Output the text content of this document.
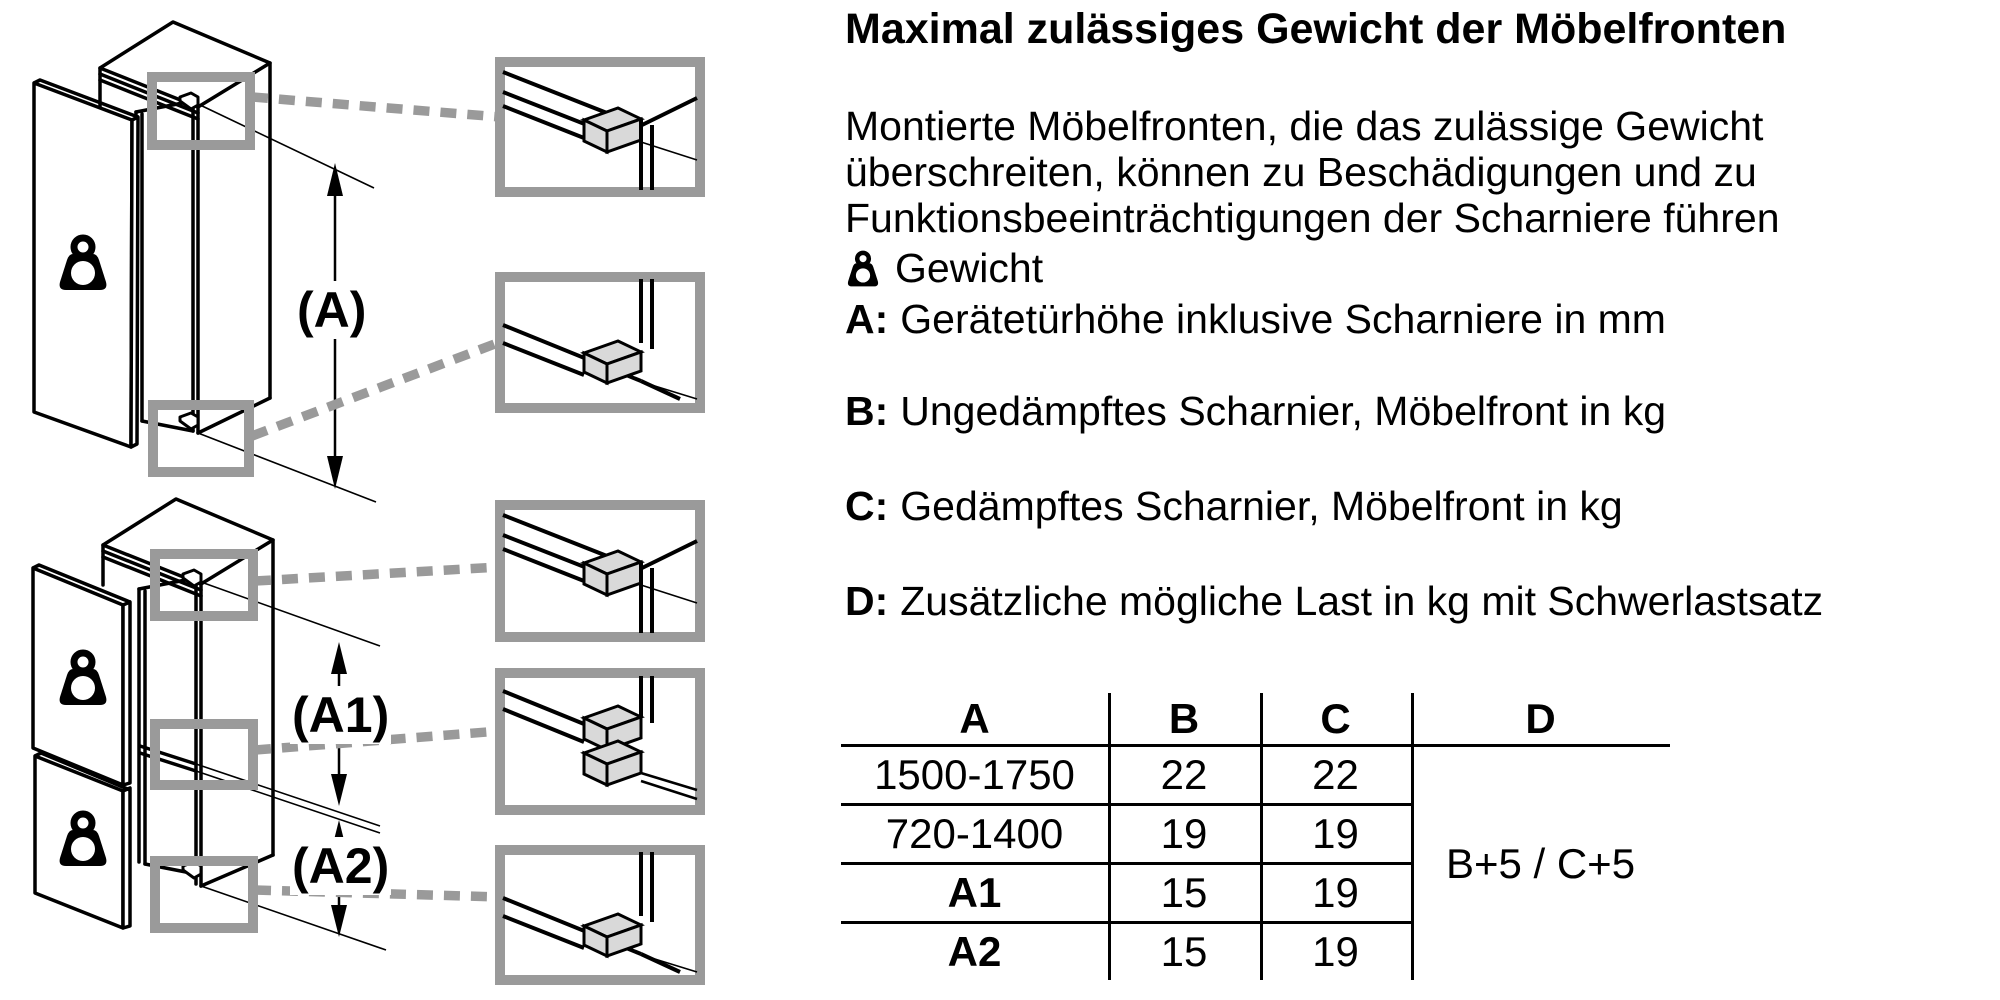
(A)
(A1)
(A2)
Maximal zulässiges Gewicht der Möbelfronten
Montierte Möbelfronten, die das zulässige Gewicht
überschreiten, können zu Beschädigungen und zu
Funktionsbeeinträchtigungen der Scharniere führen
Gewicht
A: Gerätetürhöhe inklusive Scharniere in mm
B: Ungedämpftes Scharnier, Möbelfront in kg
C: Gedämpftes Scharnier, Möbelfront in kg
D: Zusätzliche mögliche Last in kg mit Schwerlastsatz
A	B	C	D
1500-1750	22	22
720-1400	19	19
A1	15	19
A2	15	19
B+5 / C+5
